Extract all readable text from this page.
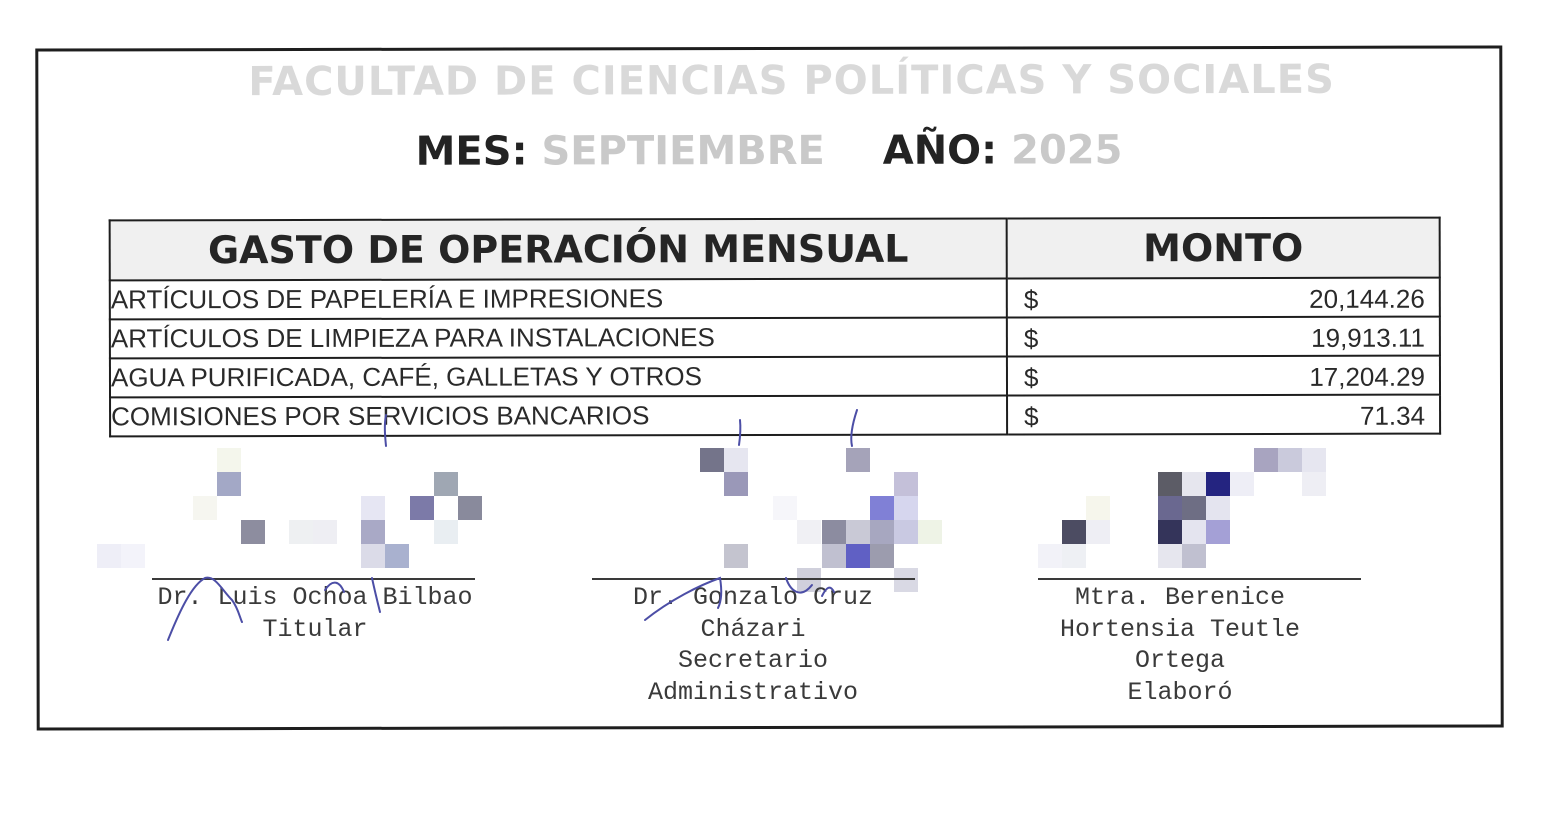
FACULTAD DE CIENCIAS POLÍTICAS Y SOCIALES
MES: SEPTIEMBRE AÑO: 2025
GASTO DE OPERACIÓN MENSUAL	MONTO
ARTÍCULOS DE PAPELERÍA E IMPRESIONES	$ 20,144.26

ARTÍCULOS DE LIMPIEZA PARA INSTALACIONES	$ 19,913.11

AGUA PURIFICADA, CAFÉ, GALLETAS Y OTROS	$ 17,204.29

COMISIONES POR SERVICIOS BANCARIOS	$ 71.34
Dr. Luis Ochoa Bilbao
Titular
Dr. Gonzalo Cruz
Cházari
Secretario
Administrativo
Mtra. Berenice
Hortensia Teutle
Ortega
Elaboró
